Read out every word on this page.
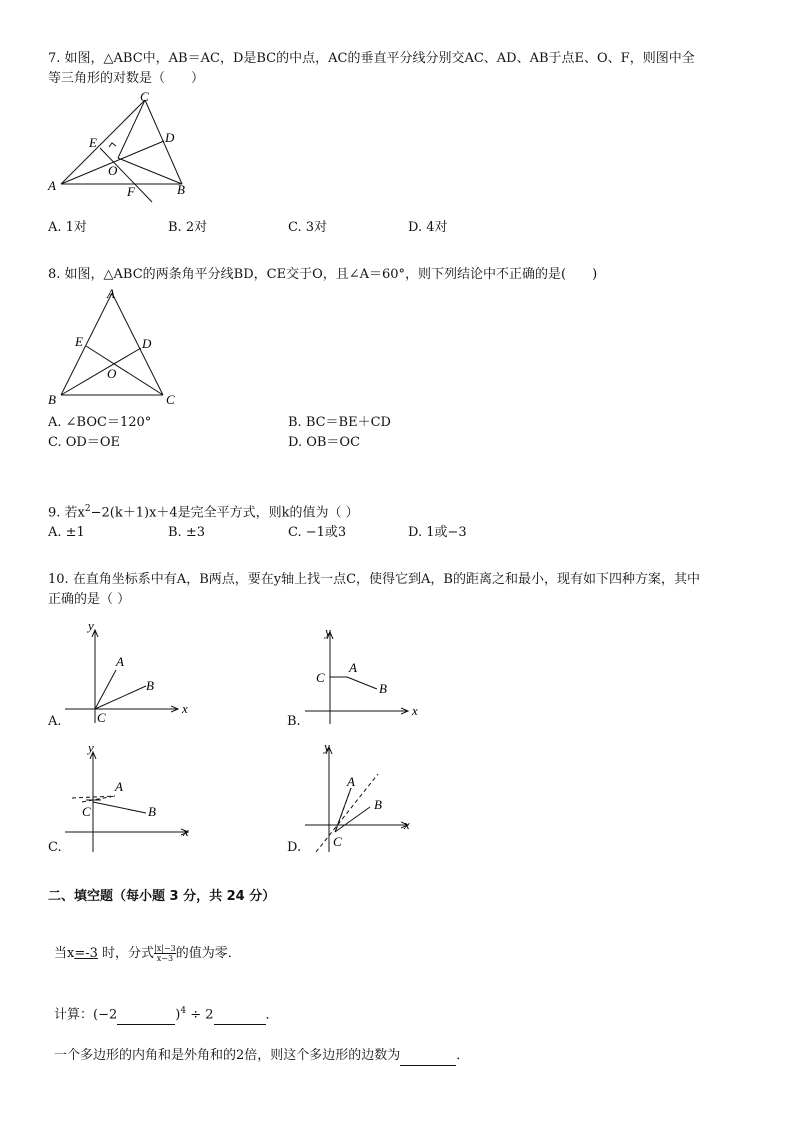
7. 如图，△ABC中，AB＝AC，D是BC的中点，AC的垂直平分线分别交AC、AD、AB于点E、O、F，则图中全
等三角形的对数是（　　）
C
D
E
O
A	F	B
A. 1对	B. 2对	C. 3对	D. 4对
8. 如图，△ABC的两条角平分线BD，CE交于O，且∠A＝60°，则下列结论中不正确的是(　　)
A
E	D
O
B	C
A. ∠BOC＝120°	B. BC＝BE＋CD
C. OD＝OE	D. OB＝OC
9. 若$x^2-2(k+1)x+4$是完全平方式，则k的值为（ ）
A. ±1	B. ±3	C. −1或3	D. 1或−3
10. 在直角坐标系中有A，B两点，要在y轴上找一点C，使得它到A，B的距离之和最小，现有如下四种方案，其中
正确的是（ ）
y
x
A
B
C
A.
y
x
A
B
C
B.
y
x
A
B
C
C.
y
x
A
B
C
D.
二、填空题（每小题 3 分，共 24 分）
当x=-3 时，分式 $\frac{|x|-3}{x-3}$ 的值为零．
计算：(−2	)$^4$ ÷ 2	．
一个多边形的内角和是外角和的2倍，则这个多边形的边数为	．
